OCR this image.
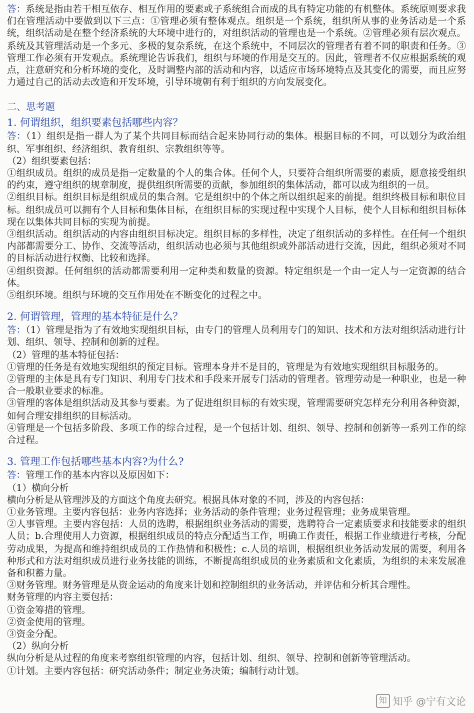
答：系统是指由若干相互依存、相互作用的要素或子系统组合而成的具有特定功能的有机整体。系统原则要求我们在管理活动中要做到以下三点：①管理必须有整体观点。组织是一个系统，组织所从事的业务活动是一个系统，组织活动是在整个经济系统的大环境中进行的，对组织活动的管理也是一个系统。②管理必须有层次观点。系统及其管理活动是一个多元、多极的复杂系统，在这个系统中，不同层次的管理者有着不同的职责和任务。③管理工作必须有开发观点。系统理论告诉我们，组织与环境的作用是交互的。因此，管理者不仅应根据系统的观点，注意研究和分析环境的变化，及时调整内部的活动和内容，以适应市场环境特点及其变化的需要，而且应努力通过自己的活动去改造和开发环境，引导环境朝有利于组织的方向发展变化。

二、思考题

1. 何谓组织，组织要素包括哪些内容？

答：（1）组织是指一群人为了某个共同目标而结合起来协同行动的集体。根据目标的不同，可以划分为政治组织、军事组织、经济组织、教育组织、宗教组织等等。

（2）组织要素包括：

①组织成员。组织的成员是指一定数量的个人的集合体。任何个人，只要符合组织所需要的素质，愿意接受组织的约束，遵守组织的规章制度，提供组织所需要的贡献，参加组织的集体活动，都可以成为组织的一员。

②组织目标。组织目标是组织成员的集合剂。它是组织中的个体之所以组织起来的前提。组织终极目标和职位目标。组织成员可以拥有个人目标和集体目标，在组织目标的实现过程中实现个人目标，使个人目标和组织目标体现在以集体共同目标的实现为前提。

③组织活动。组织活动的内容由组织目标决定。组织目标的多样性，决定了组织活动的多样性。在任何一个组织内部都需要分工、协作、交流等活动，组织活动也必须与其他组织或外部活动进行交流，因此，组织必须对不同的目标活动进行权衡、比较和选择。

④组织资源。任何组织的活动都需要利用一定种类和数量的资源。特定组织是一个由一定人与一定资源的结合体。

⑤组织环境。组织与环境的交互作用处在不断变化的过程之中。

2. 何谓管理，管理的基本特征是什么？

答：（1）管理是指为了有效地实现组织目标，由专门的管理人员利用专门的知识、技术和方法对组织活动进行计划、组织、领导、控制和创新的过程。

（2）管理的基本特征包括：

①管理的任务是有效地实现组织的预定目标。管理本身并不是目的，管理是为有效地实现组织目标服务的。

②管理的主体是具有专门知识、利用专门技术和手段来开展专门活动的管理者。管理劳动是一种职业，也是一种合一般职业要求的标准。

③管理的客体是组织活动及其参与要素。为了促进组织目标的有效实现，管理需要研究怎样充分利用各种资源，如何合理安排组织的目标活动。

④管理是一个包括多阶段、多项工作的综合过程，是一个包括计划、组织、领导、控制和创新等一系列工作的综合过程。

3. 管理工作包括哪些基本内容?为什么?

答：管理工作的基本内容以及原因如下：

（1）横向分析

横向分析是从管理涉及的方面这个角度去研究。根据具体对象的不同，涉及的内容包括：

①业务管理。主要内容包括：业务内容选择；业务活动的条件管理；业务过程管理；业务成果管理。

②人事管理。主要内容包括：人员的选聘，根据组织业务活动的需要，选聘符合一定素质要求和技能要求的组织人员；b.合理使用人力资源，根据组织成员的特点分配适当工作，明确工作责任，根据工作业绩进行考核，分配劳动成果，为提高和维持组织成员的工作热情和积极性；c.人员的培训，根据组织业务活动发展的需要，利用各种形式和方法对组织成员进行业务技能的训练，不断提高组织成员的业务素质和文化素质，为组织的未来发展准备和积蓄力量。

③财务管理。财务管理是从资金运动的角度来计划和控制组织的业务活动，并评估和分析其合理性。

财务管理的内容主要包括：

①资金筹措的管理。

②资金使用的管理。

③资金分配。

（2）纵向分析

纵向分析是从过程的角度来考察组织管理的内容，包括计划、组织、领导、控制和创新等管理活动。

①计划。主要内容包括：研究活动条件；制定业务决策；编制行动计划。

知 知乎 @宁有文论
